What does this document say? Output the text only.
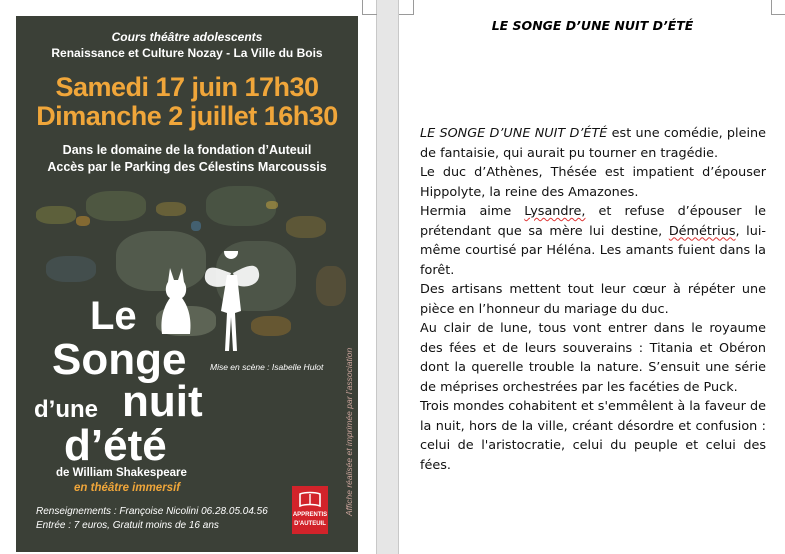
Cours théâtre adolescents
Renaissance et Culture Nozay - La Ville du Bois
Samedi 17 juin 17h30
Dimanche 2 juillet 16h30
Dans le domaine de la fondation d’Auteuil
Accès par le Parking des Célestins Marcoussis
Le
Songe
d’une nuit
d’été
Mise en scène : Isabelle Hulot Affiche réalisée et imprimée par l’association
de William Shakespeare
en théâtre immersif
Renseignements : Françoise Nicolini 06.28.05.04.56
Entrée : 7 euros, Gratuit moins de 16 ans
APPRENTIS
D'AUTEUIL
LE SONGE D’UNE NUIT D’ÉTÉ

LE SONGE D’UNE NUIT D’ÉTÉ est une comédie, pleine de fantaisie, qui aurait pu tourner en tragédie.

Le duc d’Athènes, Thésée est impatient d’épouser Hippolyte, la reine des Amazones.

Hermia aime Lysandre, et refuse d’épouser le prétendant que sa mère lui destine, Démétrius, lui-même courtisé par Héléna. Les amants fuient dans la forêt.

Des artisans mettent tout leur cœur à répéter une pièce en l’honneur du mariage du duc.

Au clair de lune, tous vont entrer dans le royaume des fées et de leurs souverains : Titania et Obéron dont la querelle trouble la nature. S’ensuit une série de méprises orchestrées par les facéties de Puck.

Trois mondes cohabitent et s'emmêlent à la faveur de la nuit, hors de la ville, créant désordre et confusion : celui de l'aristocratie, celui du peuple et celui des fées.
